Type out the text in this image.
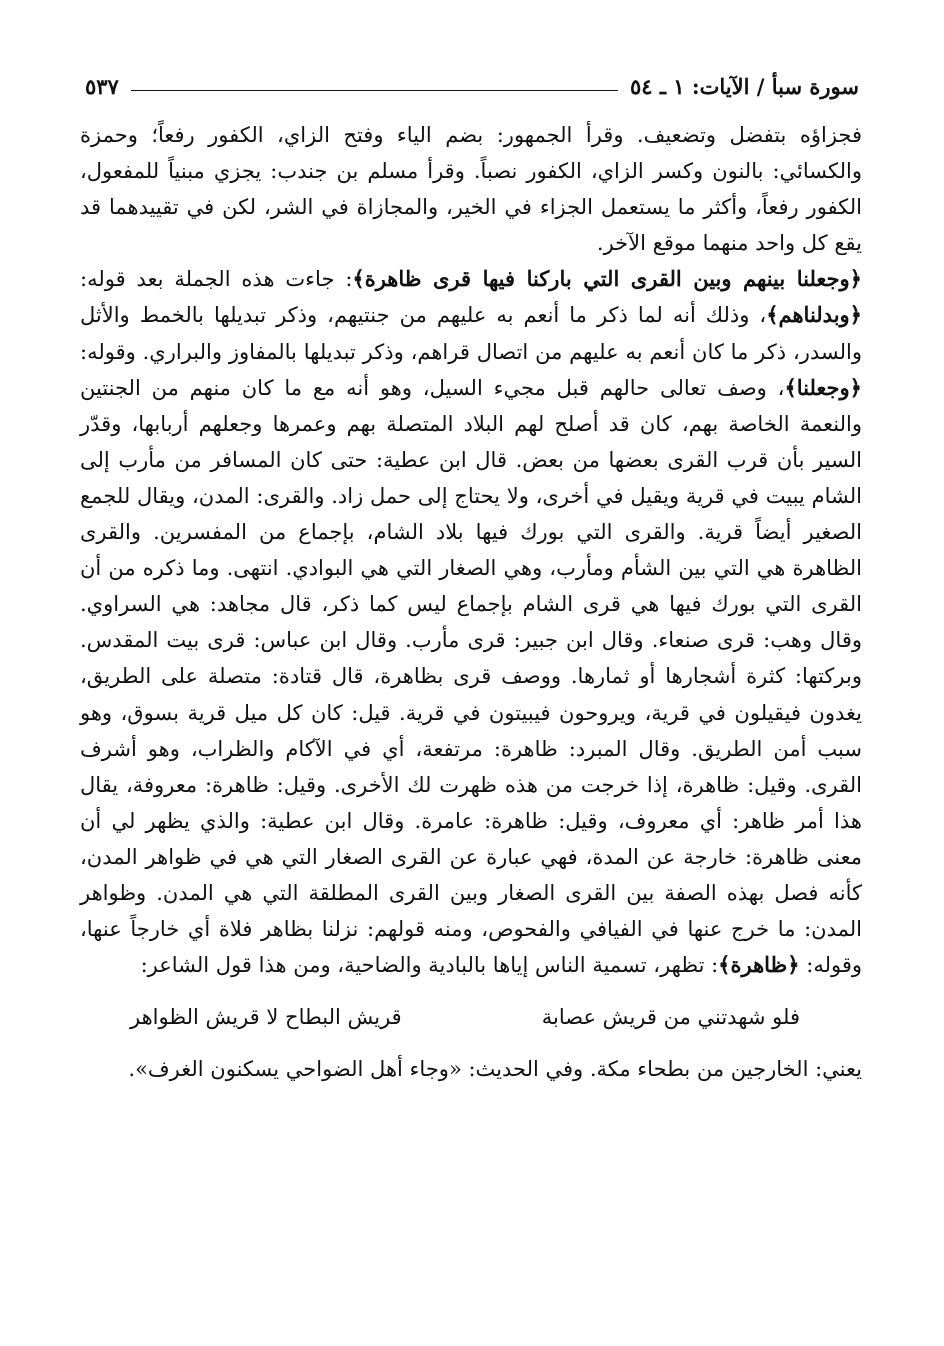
سورة سبأ / الآيات: ١ ـ ٥٤
٥٣٧

فجزاؤه بتفضل وتضعيف. وقرأ الجمهور: بضم الياء وفتح الزاي، الكفور رفعاً؛ وحمزة والكسائي: بالنون وكسر الزاي، الكفور نصباً. وقرأ مسلم بن جندب: يجزي مبنياً للمفعول، الكفور رفعاً، وأكثر ما يستعمل الجزاء في الخير، والمجازاة في الشر، لكن في تقييدهما قد يقع كل واحد منهما موقع الآخر.

﴿وجعلنا بينهم وبين القرى التي باركنا فيها قرى ظاهرة﴾: جاءت هذه الجملة بعد قوله: ﴿وبدلناهم﴾، وذلك أنه لما ذكر ما أنعم به عليهم من جنتيهم، وذكر تبديلها بالخمط والأثل والسدر، ذكر ما كان أنعم به عليهم من اتصال قراهم، وذكر تبديلها بالمفاوز والبراري. وقوله: ﴿وجعلنا﴾، وصف تعالى حالهم قبل مجيء السيل، وهو أنه مع ما كان منهم من الجنتين والنعمة الخاصة بهم، كان قد أصلح لهم البلاد المتصلة بهم وعمرها وجعلهم أربابها، وقدّر السير بأن قرب القرى بعضها من بعض. قال ابن عطية: حتى كان المسافر من مأرب إلى الشام يبيت في قرية ويقيل في أخرى، ولا يحتاج إلى حمل زاد. والقرى: المدن، ويقال للجمع الصغير أيضاً قرية. والقرى التي بورك فيها بلاد الشام، بإجماع من المفسرين. والقرى الظاهرة هي التي بين الشأم ومأرب، وهي الصغار التي هي البوادي. انتهى. وما ذكره من أن القرى التي بورك فيها هي قرى الشام بإجماع ليس كما ذكر، قال مجاهد: هي السراوي. وقال وهب: قرى صنعاء. وقال ابن جبير: قرى مأرب. وقال ابن عباس: قرى بيت المقدس. وبركتها: كثرة أشجارها أو ثمارها. ووصف قرى بظاهرة، قال قتادة: متصلة على الطريق، يغدون فيقيلون في قرية، ويروحون فيبيتون في قرية. قيل: كان كل ميل قرية بسوق، وهو سبب أمن الطريق. وقال المبرد: ظاهرة: مرتفعة، أي في الآكام والظراب، وهو أشرف القرى. وقيل: ظاهرة، إذا خرجت من هذه ظهرت لك الأخرى. وقيل: ظاهرة: معروفة، يقال هذا أمر ظاهر: أي معروف، وقيل: ظاهرة: عامرة. وقال ابن عطية: والذي يظهر لي أن معنى ظاهرة: خارجة عن المدة، فهي عبارة عن القرى الصغار التي هي في ظواهر المدن، كأنه فصل بهذه الصفة بين القرى الصغار وبين القرى المطلقة التي هي المدن. وظواهر المدن: ما خرج عنها في الفيافي والفحوص، ومنه قولهم: نزلنا بظاهر فلاة أي خارجاً عنها، وقوله: ﴿ظاهرة﴾: تظهر، تسمية الناس إياها بالبادية والضاحية، ومن هذا قول الشاعر:

فلو شهدتني من قريش عصابة
قريش البطاح لا قريش الظواهر

يعني: الخارجين من بطحاء مكة. وفي الحديث: «وجاء أهل الضواحي يسكنون الغرف».
